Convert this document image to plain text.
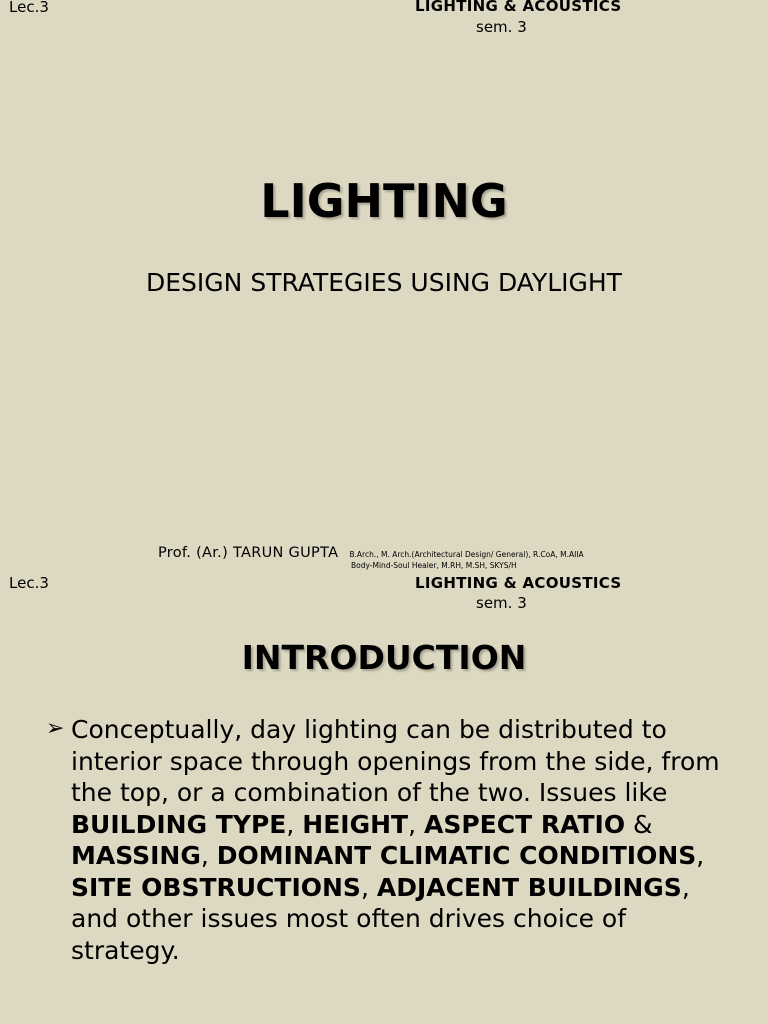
Lec.3	LIGHTING & ACOUSTICS
sem. 3
LIGHTING
DESIGN STRATEGIES USING DAYLIGHT
Prof. (Ar.) TARUN GUPTA B.Arch., M. Arch.(Architectural Design/ General), R.CoA, M.AIIA
Body-Mind-Soul Healer, M.RH, M.SH, SKYS/H
Lec.3	LIGHTING & ACOUSTICS
sem. 3
INTRODUCTION
➢ Conceptually, day lighting can be distributed to interior space through openings from the side, from the top, or a combination of the two. Issues like BUILDING TYPE, HEIGHT, ASPECT RATIO & MASSING, DOMINANT CLIMATIC CONDITIONS, SITE OBSTRUCTIONS, ADJACENT BUILDINGS, and other issues most often drives choice of strategy.
